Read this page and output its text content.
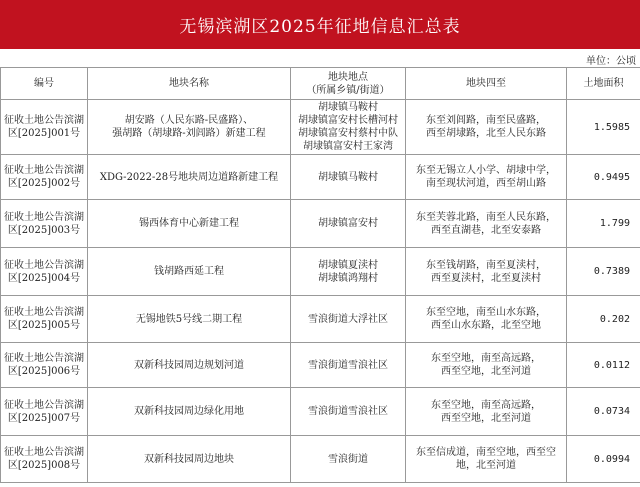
无锡滨湖区2025年征地信息汇总表
单位：公顷
编号	地块名称	地块地点
（所属乡镇/街道）	地块四至	土地面积
征收土地公告滨湖
区[2025]001号	胡安路（人民东路-民盛路）、
强胡路（胡埭路-刘闾路）新建工程	胡埭镇马鞍村
胡埭镇富安村长槽河村
胡埭镇富安村蔡村中队
胡埭镇富安村王家湾	东至刘闾路，南至民盛路，
西至胡埭路，北至人民东路	1.5985
征收土地公告滨湖
区[2025]002号	XDG-2022-28号地块周边道路新建工程	胡埭镇马鞍村	东至无锡立人小学、胡埭中学，
南至现状河道，西至胡山路	0.9495
征收土地公告滨湖
区[2025]003号	锡西体育中心新建工程	胡埭镇富安村	东至芙蓉北路，南至人民东路，
西至直湖巷，北至安泰路	1.799
征收土地公告滨湖
区[2025]004号	钱胡路西延工程	胡埭镇夏渎村
胡埭镇鸿翔村	东至钱胡路，南至夏渎村，
西至夏渎村，北至夏渎村	0.7389
征收土地公告滨湖
区[2025]005号	无锡地铁5号线二期工程	雪浪街道大浮社区	东至空地，南至山水东路，
西至山水东路，北至空地	0.202
征收土地公告滨湖
区[2025]006号	双新科技园周边规划河道	雪浪街道雪浪社区	东至空地，南至高远路，
西至空地，北至河道	0.0112
征收土地公告滨湖
区[2025]007号	双新科技园周边绿化用地	雪浪街道雪浪社区	东至空地，南至高远路，
西至空地，北至河道	0.0734
征收土地公告滨湖
区[2025]008号	双新科技园周边地块	雪浪街道	东至信成道，南至空地，西至空
地，北至河道	0.0994
